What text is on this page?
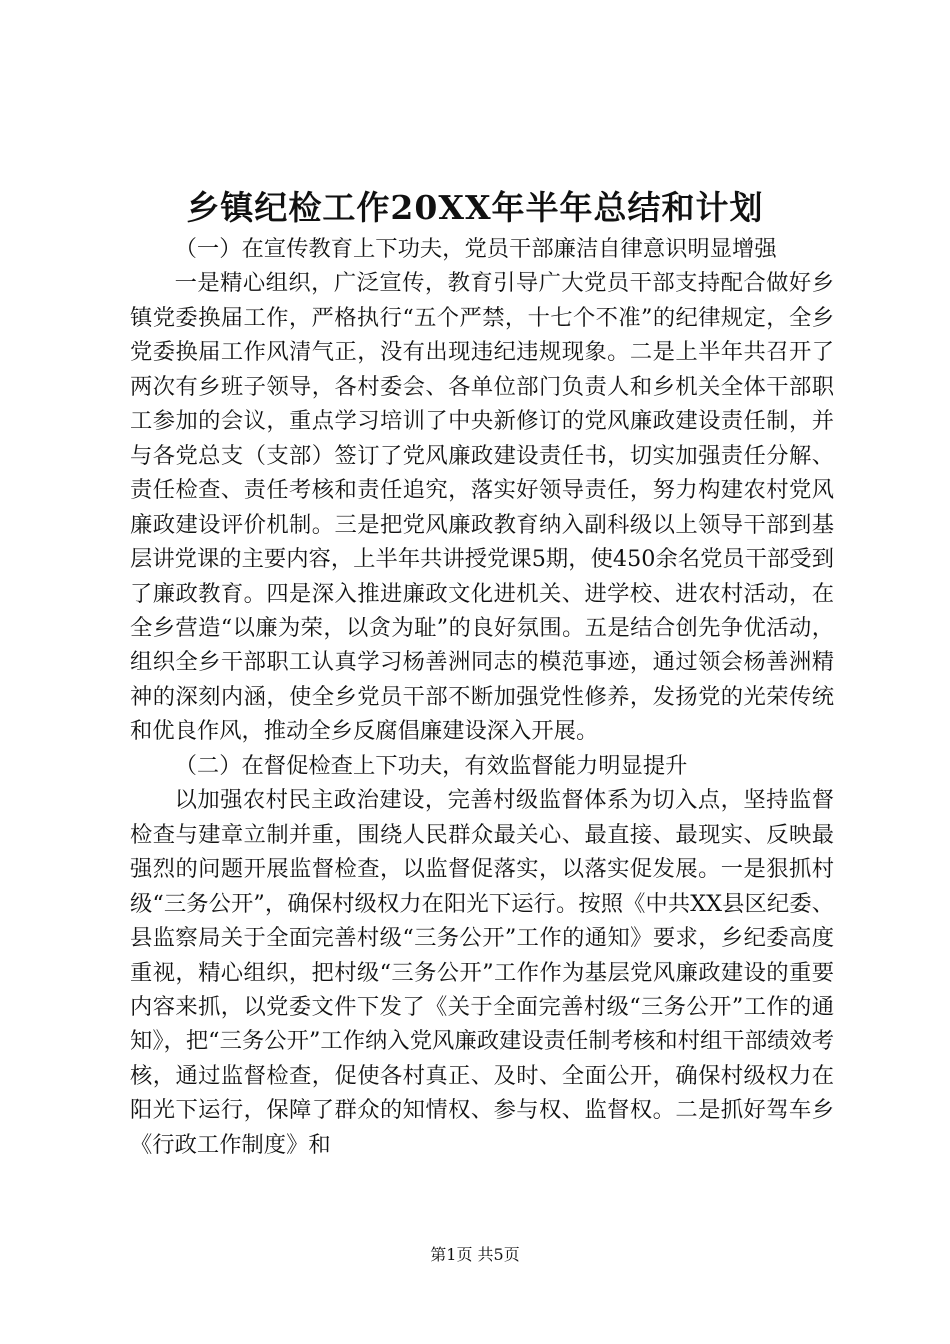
乡镇纪检工作20XX年半年总结和计划

（一）在宣传教育上下功夫，党员干部廉洁自律意识明显增强

一是精心组织，广泛宣传，教育引导广大党员干部支持配合做好乡镇党委换届工作，严格执行“五个严禁，十七个不准”的纪律规定，全乡党委换届工作风清气正，没有出现违纪违规现象。二是上半年共召开了两次有乡班子领导，各村委会、各单位部门负责人和乡机关全体干部职工参加的会议，重点学习培训了中央新修订的党风廉政建设责任制，并与各党总支（支部）签订了党风廉政建设责任书，切实加强责任分解、责任检查、责任考核和责任追究，落实好领导责任，努力构建农村党风廉政建设评价机制。三是把党风廉政教育纳入副科级以上领导干部到基层讲党课的主要内容，上半年共讲授党课5期，使450余名党员干部受到了廉政教育。四是深入推进廉政文化进机关、进学校、进农村活动，在全乡营造“以廉为荣，以贪为耻”的良好氛围。五是结合创先争优活动，组织全乡干部职工认真学习杨善洲同志的模范事迹，通过领会杨善洲精神的深刻内涵，使全乡党员干部不断加强党性修养，发扬党的光荣传统和优良作风，推动全乡反腐倡廉建设深入开展。

（二）在督促检查上下功夫，有效监督能力明显提升

以加强农村民主政治建设，完善村级监督体系为切入点，坚持监督检查与建章立制并重，围绕人民群众最关心、最直接、最现实、反映最强烈的问题开展监督检查，以监督促落实，以落实促发展。一是狠抓村级“三务公开”，确保村级权力在阳光下运行。按照《中共XX县区纪委、县监察局关于全面完善村级“三务公开”工作的通知》要求，乡纪委高度重视，精心组织，把村级“三务公开”工作作为基层党风廉政建设的重要内容来抓，以党委文件下发了《关于全面完善村级“三务公开”工作的通知》，把“三务公开”工作纳入党风廉政建设责任制考核和村组干部绩效考核，通过监督检查，促使各村真正、及时、全面公开，确保村级权力在阳光下运行，保障了群众的知情权、参与权、监督权。二是抓好驾车乡《行政工作制度》和

第1页 共5页
